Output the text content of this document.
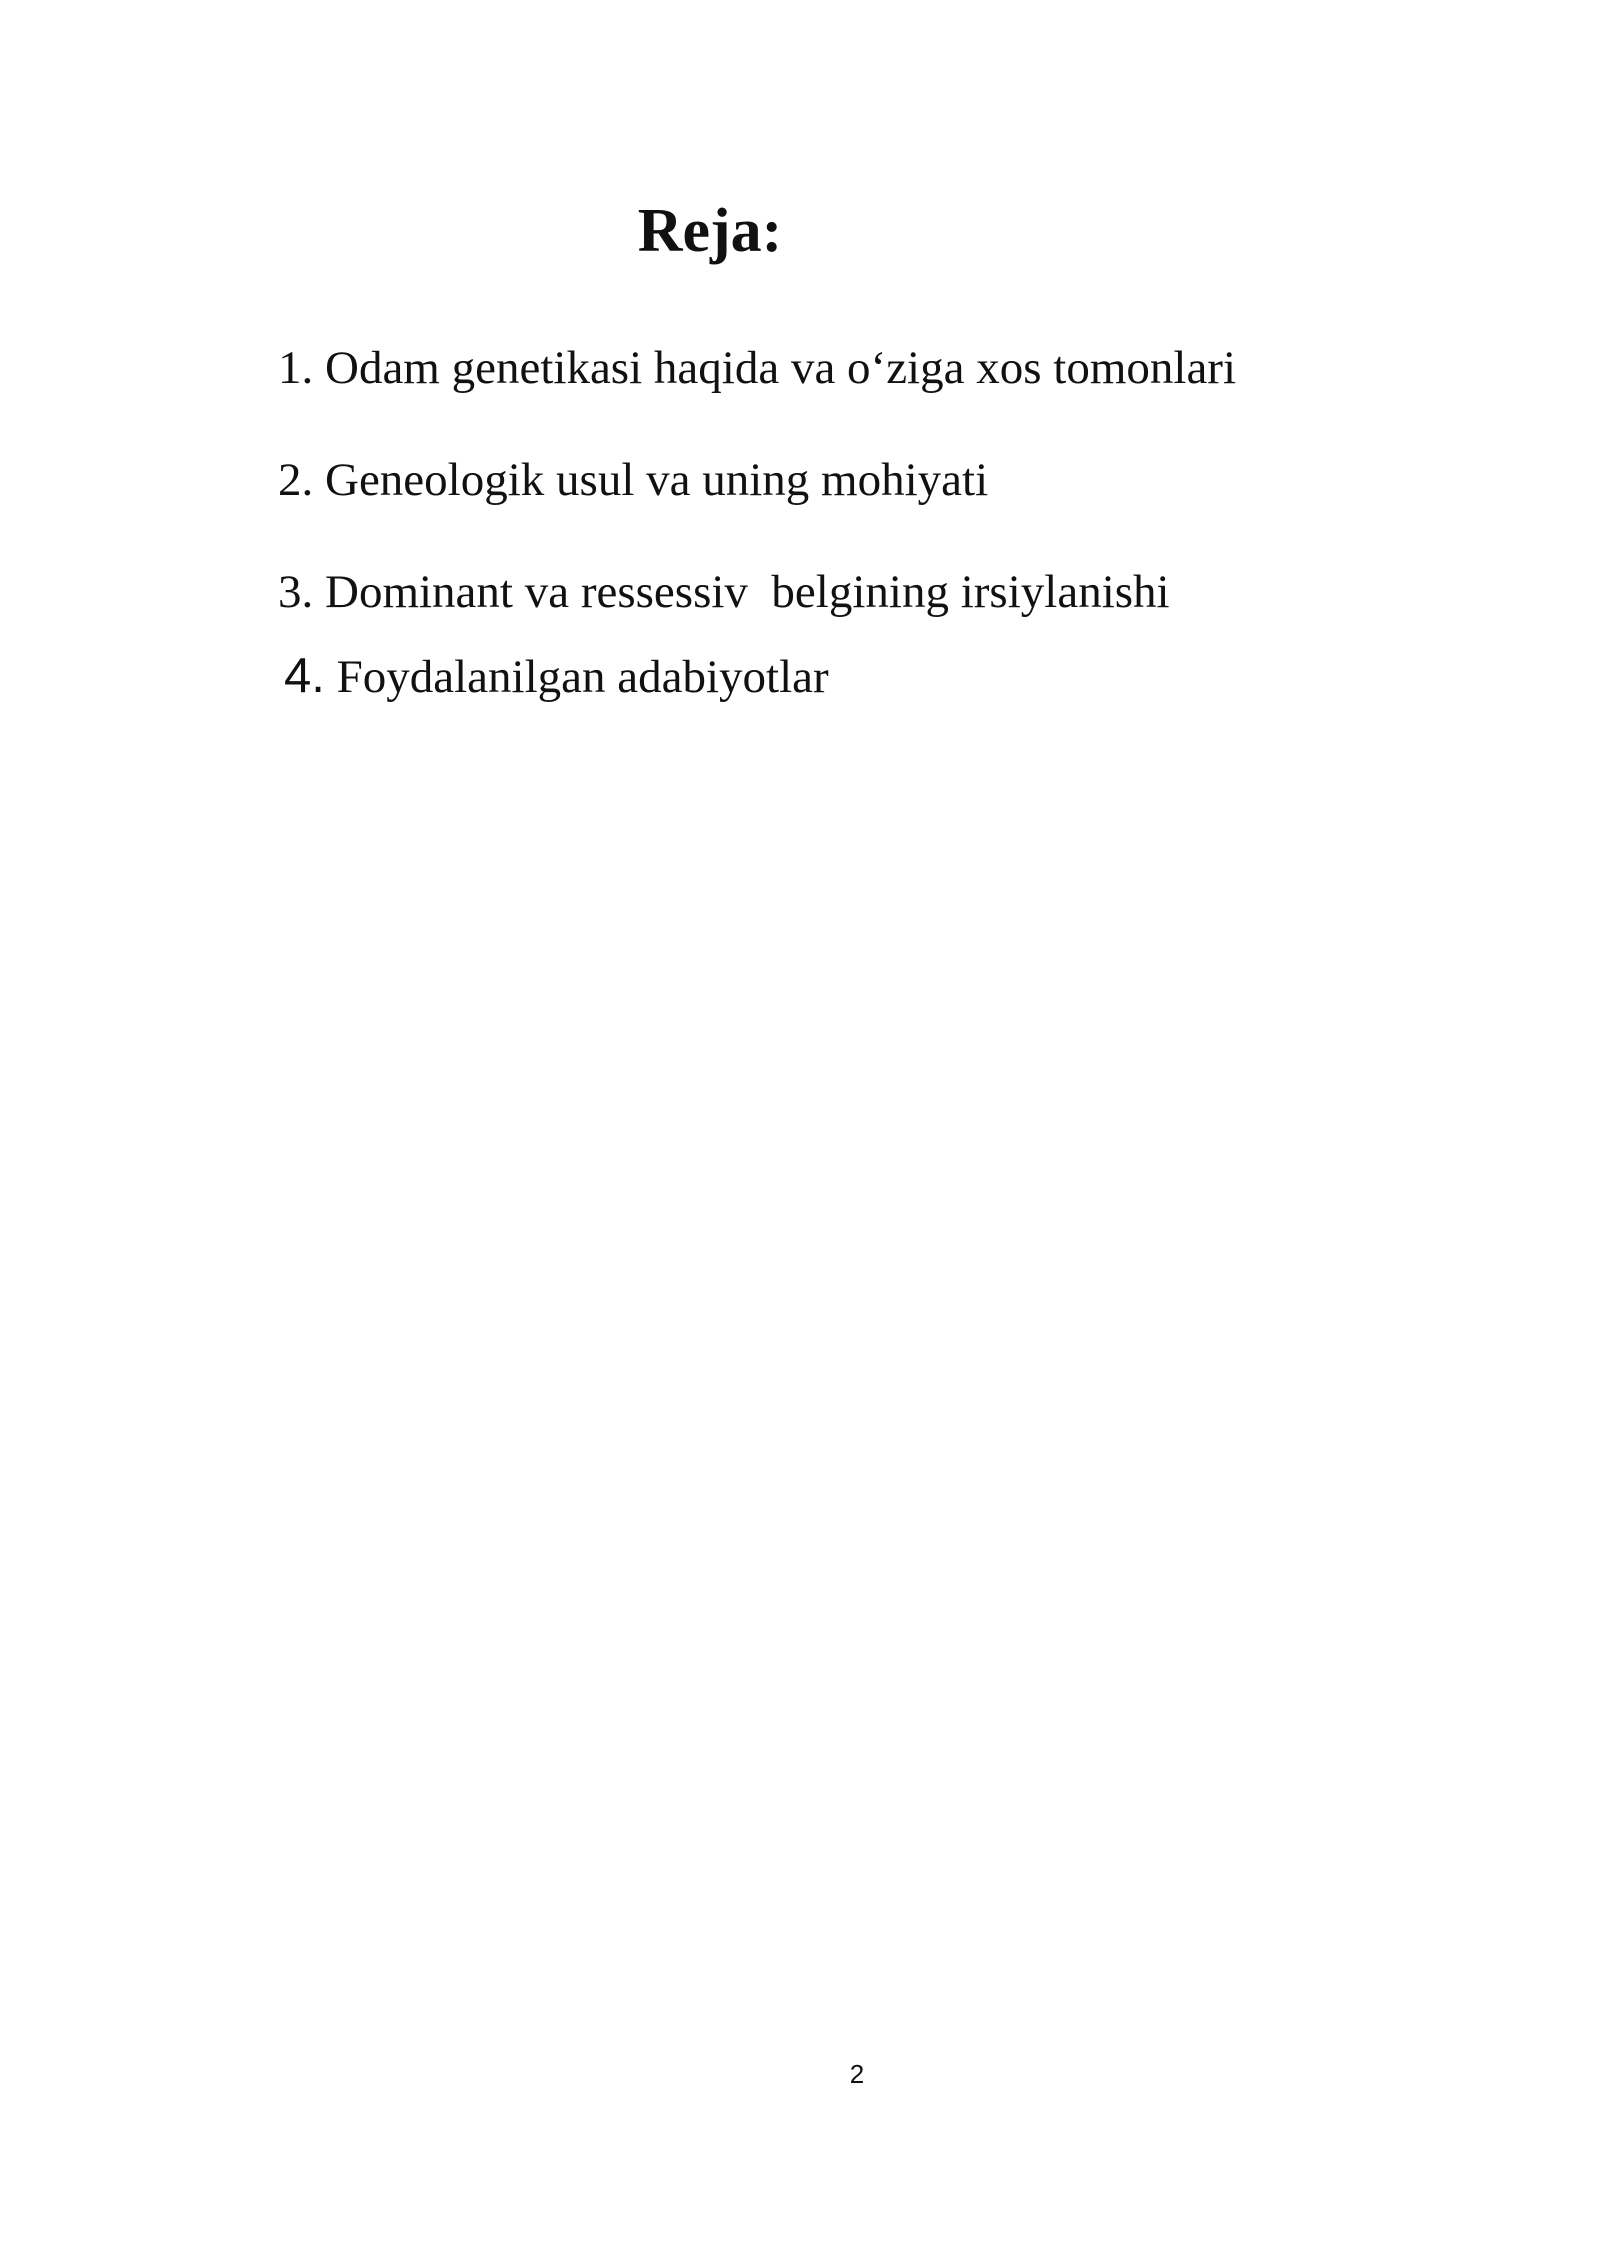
Reja:
1. Odam genetikasi haqida va o‘ziga xos tomonlari
2. Geneologik usul va uning mohiyati
3. Dominant va ressessiv  belgining irsiylanishi
4. Foydalanilgan adabiyotlar
2
